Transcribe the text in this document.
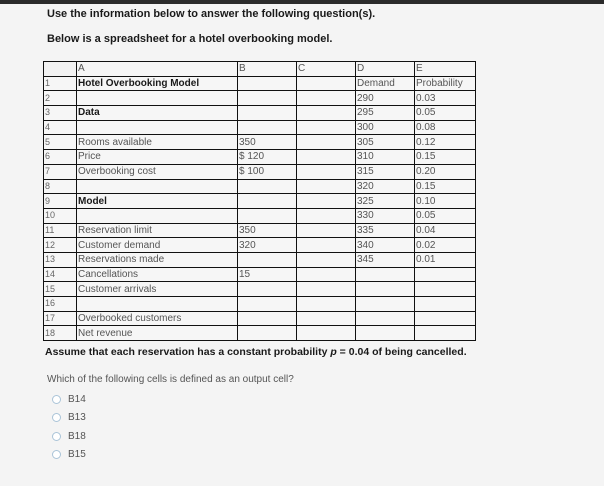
Use the information below to answer the following question(s).
Below is a spreadsheet for a hotel overbooking model.
	A	B	C	D	E
1	Hotel Overbooking Model			Demand	Probability
2				290	0.03
3	Data			295	0.05
4				300	0.08
5	Rooms available	350		305	0.12
6	Price	$ 120		310	0.15
7	Overbooking cost	$ 100		315	0.20
8				320	0.15
9	Model			325	0.10
10				330	0.05
11	Reservation limit	350		335	0.04
12	Customer demand	320		340	0.02
13	Reservations made			345	0.01
14	Cancellations	15			
15	Customer arrivals				
16					
17	Overbooked customers				
18	Net revenue				
Assume that each reservation has a constant probability p = 0.04 of being cancelled.
Which of the following cells is defined as an output cell?
B14
B13
B18
B15
